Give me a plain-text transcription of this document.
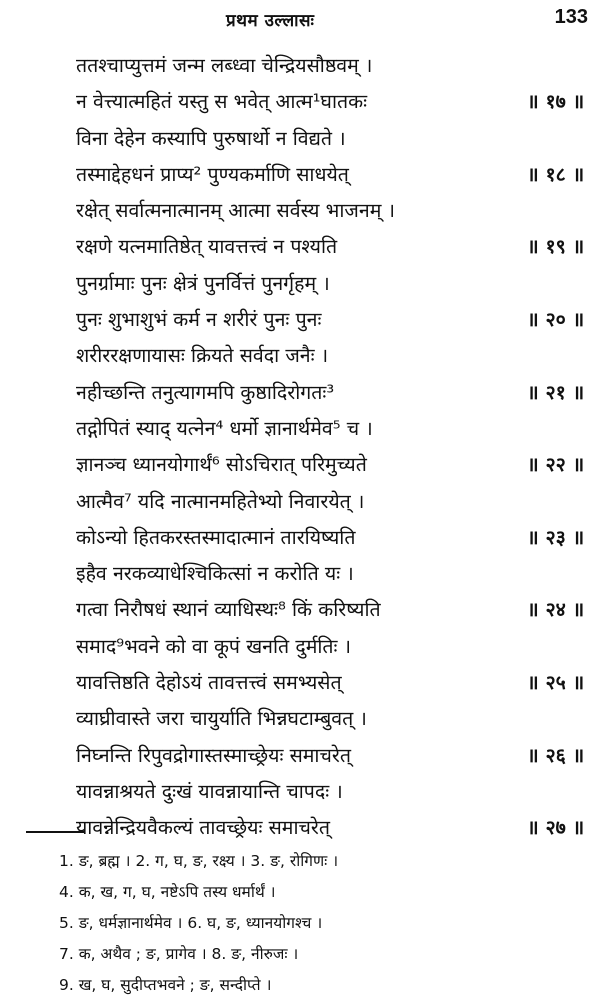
प्रथम उल्लासः	133
ततश्चाप्युत्तमं जन्म लब्ध्वा चेन्द्रियसौष्ठवम् ।
न वेत्त्यात्महितं यस्तु स भवेत् आत्म¹घातकः	॥ १७ ॥
विना देहेन कस्यापि पुरुषार्थो न विद्यते ।
तस्माद्देहधनं प्राप्य² पुण्यकर्माणि साधयेत्	॥ १८ ॥
रक्षेत् सर्वात्मनात्मानम् आत्मा सर्वस्य भाजनम् ।
रक्षणे यत्नमातिष्ठेत् यावत्तत्त्वं न पश्यति	॥ १९ ॥
पुनर्ग्रामाः पुनः क्षेत्रं पुनर्वित्तं पुनर्गृहम् ।
पुनः शुभाशुभं कर्म न शरीरं पुनः पुनः	॥ २० ॥
शरीररक्षणायासः क्रियते सर्वदा जनैः ।
नहीच्छन्ति तनुत्यागमपि कुष्ठादिरोगतः³	॥ २१ ॥
तद्गोपितं स्याद् यत्नेन⁴ धर्मो ज्ञानार्थमेव⁵ च ।
ज्ञानञ्च ध्यानयोगार्थं⁶ सोऽचिरात् परिमुच्यते	॥ २२ ॥
आत्मैव⁷ यदि नात्मानमहितेभ्यो निवारयेत् ।
कोऽन्यो हितकरस्तस्मादात्मानं तारयिष्यति	॥ २३ ॥
इहैव नरकव्याधेश्चिकित्सां न करोति यः ।
गत्वा निरौषधं स्थानं व्याधिस्थः⁸ किं करिष्यति	॥ २४ ॥
समाद⁹भवने को वा कूपं खनति दुर्मतिः ।
यावत्तिष्ठति देहोऽयं तावत्तत्त्वं समभ्यसेत्	॥ २५ ॥
व्याघ्रीवास्ते जरा चायुर्याति भिन्नघटाम्बुवत् ।
निघ्नन्ति रिपुवद्रोगास्तस्माच्छ्रेयः समाचरेत्	॥ २६ ॥
यावन्नाश्रयते दुःखं यावन्नायान्ति चापदः ।
यावन्नेन्द्रियवैकल्यं तावच्छ्रेयः समाचरेत्	॥ २७ ॥
1. ङ, ब्रह्म । 2. ग, घ, ङ, रक्ष्य । 3. ङ, रोगिणः ।
4. क, ख, ग, घ, नष्टेऽपि तस्य धर्मार्थं ।
5. ङ, धर्मज्ञानार्थमेव । 6. घ, ङ, ध्यानयोगश्च ।
7. क, अथैव ; ङ, प्रागेव । 8. ङ, नीरुजः ।
9. ख, घ, सुदीप्तभवने ; ङ, सन्दीप्ते ।
